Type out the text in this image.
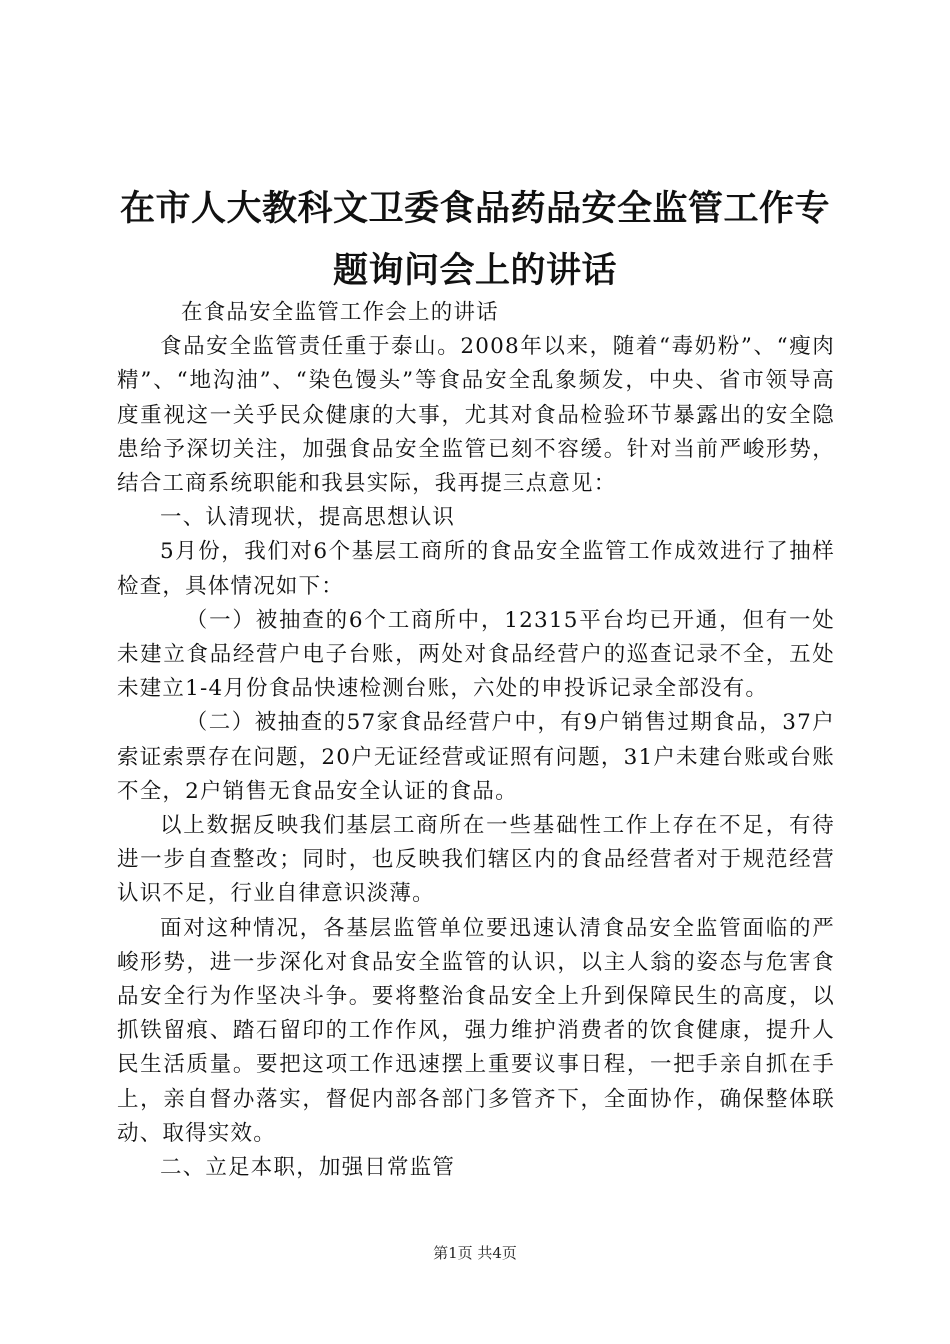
在市人大教科文卫委食品药品安全监管工作专题询问会上的讲话

在食品安全监管工作会上的讲话

食品安全监管责任重于泰山。2008年以来，随着“毒奶粉”、“瘦肉精”、“地沟油”、“染色馒头”等食品安全乱象频发，中央、省市领导高度重视这一关乎民众健康的大事，尤其对食品检验环节暴露出的安全隐患给予深切关注，加强食品安全监管已刻不容缓。针对当前严峻形势，结合工商系统职能和我县实际，我再提三点意见：

一、认清现状，提高思想认识

5月份，我们对6个基层工商所的食品安全监管工作成效进行了抽样检查，具体情况如下：

（一）被抽查的6个工商所中，12315平台均已开通，但有一处未建立食品经营户电子台账，两处对食品经营户的巡查记录不全，五处未建立1-4月份食品快速检测台账，六处的申投诉记录全部没有。

（二）被抽查的57家食品经营户中，有9户销售过期食品，37户索证索票存在问题，20户无证经营或证照有问题，31户未建台账或台账不全，2户销售无食品安全认证的食品。

以上数据反映我们基层工商所在一些基础性工作上存在不足，有待进一步自查整改；同时，也反映我们辖区内的食品经营者对于规范经营认识不足，行业自律意识淡薄。

面对这种情况，各基层监管单位要迅速认清食品安全监管面临的严峻形势，进一步深化对食品安全监管的认识，以主人翁的姿态与危害食品安全行为作坚决斗争。要将整治食品安全上升到保障民生的高度，以抓铁留痕、踏石留印的工作作风，强力维护消费者的饮食健康，提升人民生活质量。要把这项工作迅速摆上重要议事日程，一把手亲自抓在手上，亲自督办落实，督促内部各部门多管齐下，全面协作，确保整体联动、取得实效。

二、立足本职，加强日常监管

第1页 共4页
